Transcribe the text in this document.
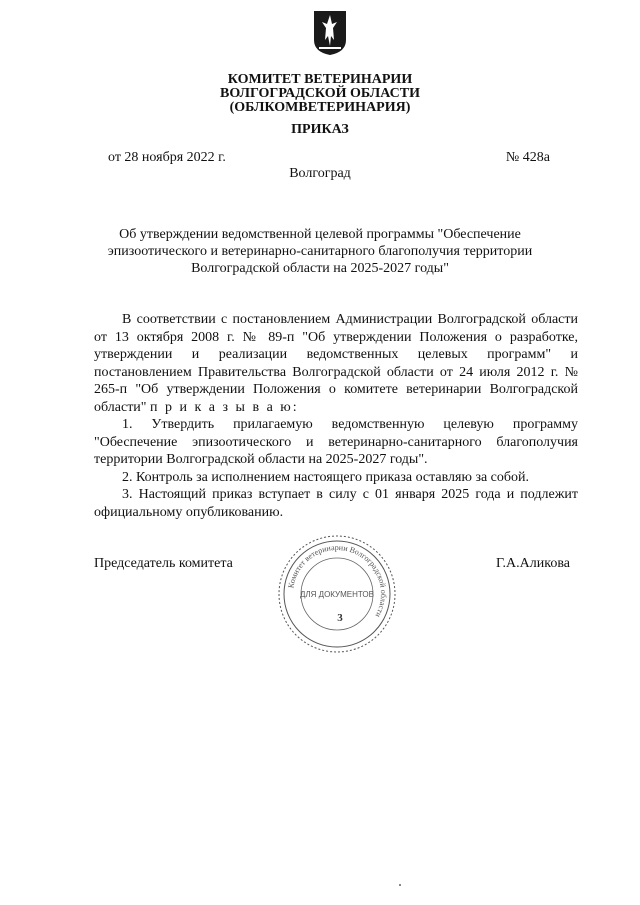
КОМИТЕТ ВЕТЕРИНАРИИ
ВОЛГОГРАДСКОЙ ОБЛАСТИ
(ОБЛКОМВЕТЕРИНАРИЯ)
ПРИКАЗ
от 28 ноября 2022 г.	№ 428а
Волгоград
Об утверждении ведомственной целевой программы "Обеспечение эпизоотического и ветеринарно-санитарного благополучия территории Волгоградской области на 2025-2027 годы"

В соответствии с постановлением Администрации Волгоградской области от 13 октября 2008 г. № 89-п "Об утверждении Положения о разработке, утверждении и реализации ведомственных целевых программ" и постановлением Правительства Волгоградской области от 24 июля 2012 г. № 265-п "Об утверждении Положения о комитете ветеринарии Волгоградской области" п р и к а з ы в а ю:

1. Утвердить прилагаемую ведомственную целевую программу "Обеспечение эпизоотического и ветеринарно-санитарного благополучия территории Волгоградской области на 2025-2027 годы".

2. Контроль за исполнением настоящего приказа оставляю за собой.

3. Настоящий приказ вступает в силу с 01 января 2025 года и подлежит официальному опубликованию.

Председатель комитета	Г.А.Аликова
Комитет ветеринарии Волгоградской области
ДЛЯ ДОКУМЕНТОВ
3
